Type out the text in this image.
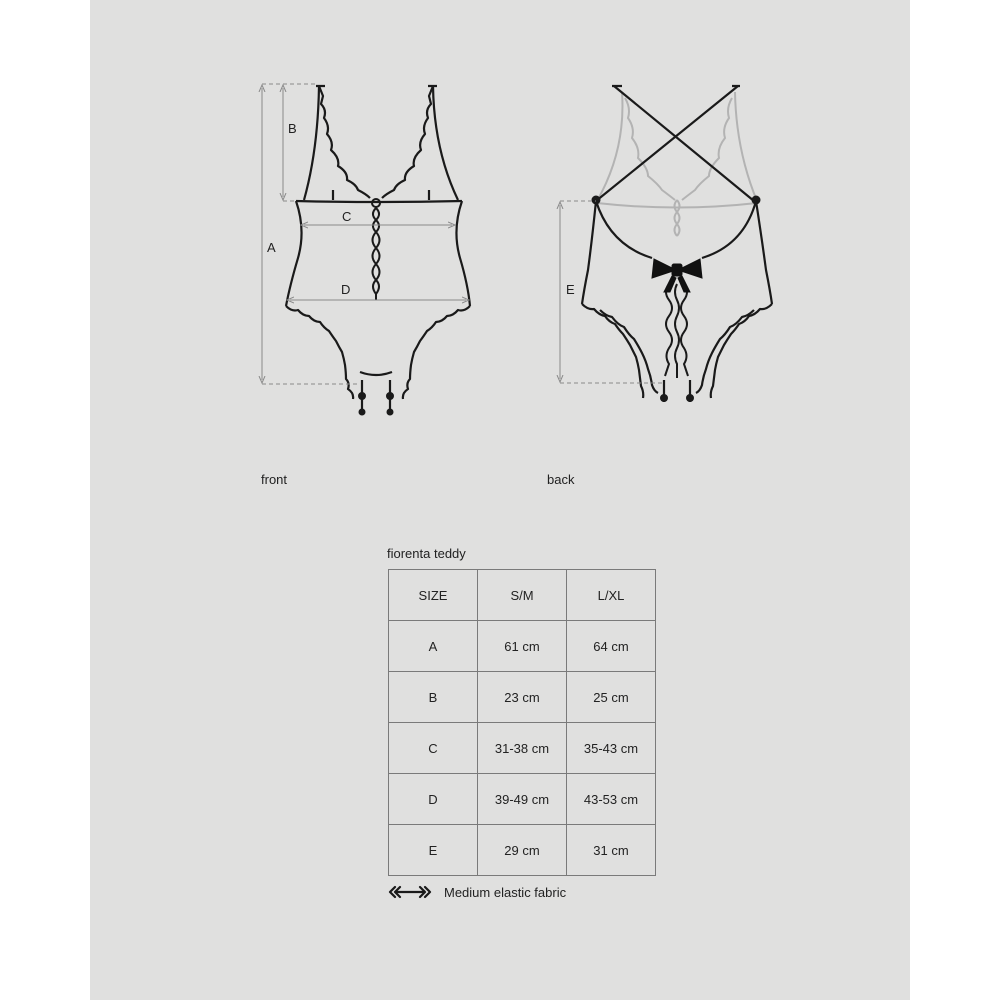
B
A
C
D	E
front	back
fiorenta teddy
SIZE	S/M	L/XL
A	61 cm	64 cm
B	23 cm	25 cm
C	31-38 cm	35-43 cm
D	39-49 cm	43-53 cm
E	29 cm	31 cm
Medium elastic fabric
